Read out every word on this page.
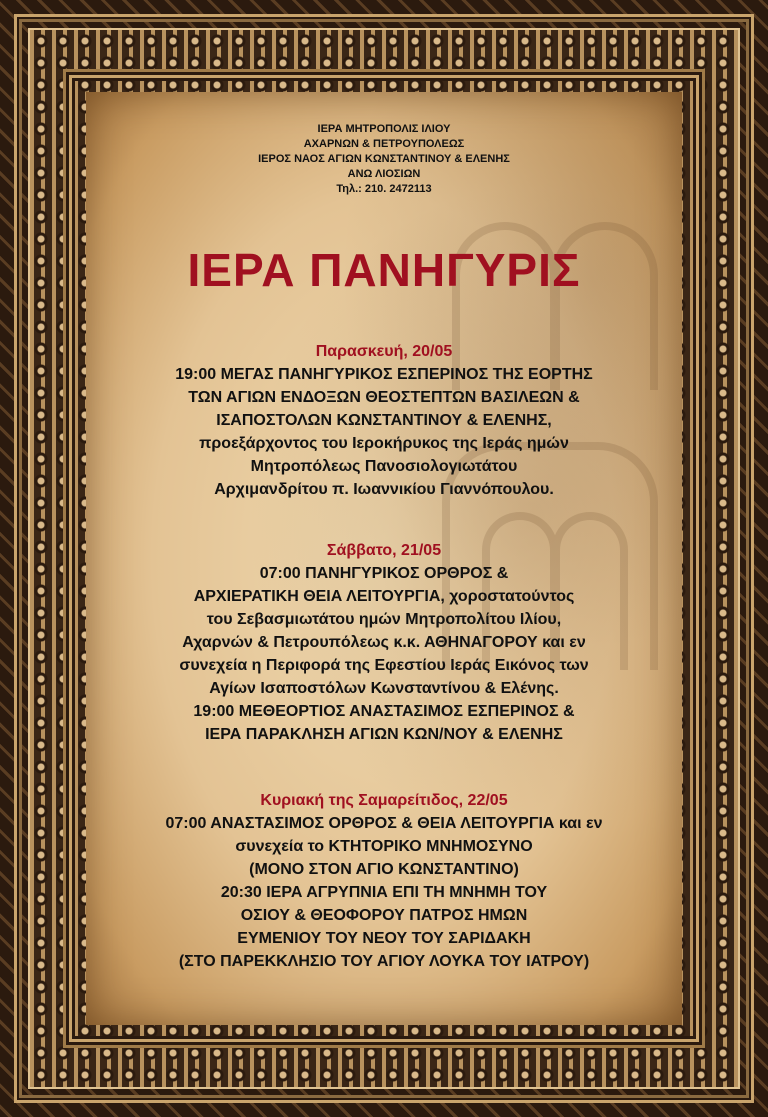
ΙΕΡΑ ΜΗΤΡΟΠΟΛΙΣ ΙΛΙΟΥ
ΑΧΑΡΝΩΝ & ΠΕΤΡΟΥΠΟΛΕΩΣ
ΙΕΡΟΣ ΝΑΟΣ ΑΓΙΩΝ ΚΩΝΣΤΑΝΤΙΝΟΥ & ΕΛΕΝΗΣ
ΑΝΩ ΛΙΟΣΙΩΝ
Τηλ.: 210. 2472113
ΙΕΡΑ ΠΑΝΗΓΥΡΙΣ
Παρασκευή, 20/05
19:00 ΜΕΓΑΣ ΠΑΝΗΓΥΡΙΚΟΣ ΕΣΠΕΡΙΝΟΣ ΤΗΣ ΕΟΡΤΗΣ
ΤΩΝ ΑΓΙΩΝ ΕΝΔΟΞΩΝ ΘΕΟΣΤΕΠΤΩΝ ΒΑΣΙΛΕΩΝ &
ΙΣΑΠΟΣΤΟΛΩΝ ΚΩΝΣΤΑΝΤΙΝΟΥ & ΕΛΕΝΗΣ,
προεξάρχοντος του Ιεροκήρυκος της Ιεράς ημών
Μητροπόλεως Πανοσιολογιωτάτου
Αρχιμανδρίτου π. Ιωαννικίου Γιαννόπουλου.
Σάββατο, 21/05
07:00 ΠΑΝΗΓΥΡΙΚΟΣ ΟΡΘΡΟΣ &
ΑΡΧΙΕΡΑΤΙΚΗ ΘΕΙΑ ΛΕΙΤΟΥΡΓΙΑ, χοροστατούντος
του Σεβασμιωτάτου ημών Μητροπολίτου Ιλίου,
Αχαρνών & Πετρουπόλεως κ.κ. ΑΘΗΝΑΓΟΡΟΥ και εν
συνεχεία η Περιφορά της Εφεστίου Ιεράς Εικόνος των
Αγίων Ισαποστόλων Κωνσταντίνου & Ελένης.
19:00 ΜΕΘΕΟΡΤΙΟΣ ΑΝΑΣΤΑΣΙΜΟΣ ΕΣΠΕΡΙΝΟΣ &
ΙΕΡΑ ΠΑΡΑΚΛΗΣΗ ΑΓΙΩΝ ΚΩΝ/ΝΟΥ & ΕΛΕΝΗΣ
Κυριακή της Σαμαρείτιδος, 22/05
07:00 ΑΝΑΣΤΑΣΙΜΟΣ ΟΡΘΡΟΣ & ΘΕΙΑ ΛΕΙΤΟΥΡΓΙΑ και εν
συνεχεία το ΚΤΗΤΟΡΙΚΟ ΜΝΗΜΟΣΥΝΟ
(ΜΟΝΟ ΣΤΟΝ ΑΓΙΟ ΚΩΝΣΤΑΝΤΙΝΟ)
20:30 ΙΕΡΑ ΑΓΡΥΠΝΙΑ ΕΠΙ ΤΗ ΜΝΗΜΗ ΤΟΥ
ΟΣΙΟΥ & ΘΕΟΦΟΡΟΥ ΠΑΤΡΟΣ ΗΜΩΝ
ΕΥΜΕΝΙΟΥ ΤΟΥ ΝΕΟΥ ΤΟΥ ΣΑΡΙΔΑΚΗ
(ΣΤΟ ΠΑΡΕΚΚΛΗΣΙΟ ΤΟΥ ΑΓΙΟΥ ΛΟΥΚΑ ΤΟΥ ΙΑΤΡΟΥ)
